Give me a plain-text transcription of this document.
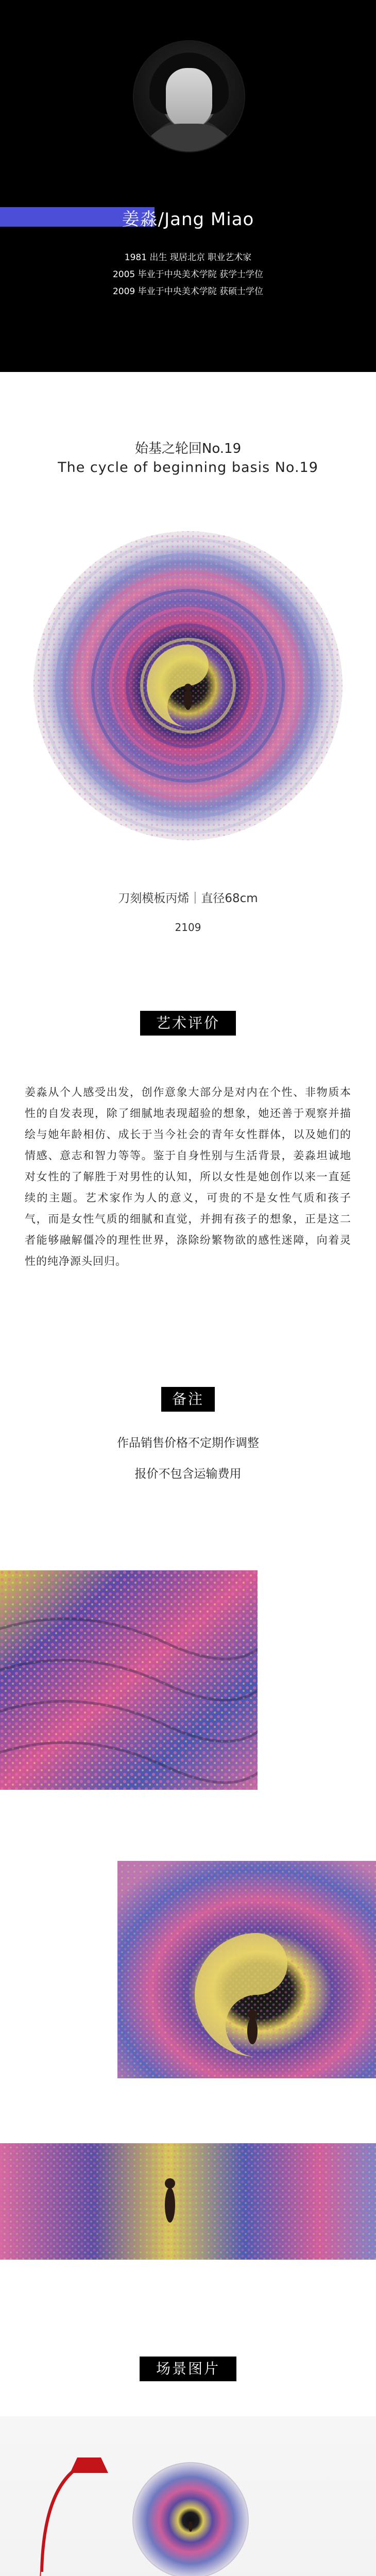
姜淼/Jang Miao
1981 出生 现居北京 职业艺术家
2005 毕业于中央美术学院 获学士学位
2009 毕业于中央美术学院 获硕士学位
始基之轮回No.19
The cycle of beginning basis No.19
刀刻模板丙烯｜直径68cm
2109
艺术评价
姜淼从个人感受出发，创作意象大部分是对内在个性、非物质本性的自发表现，除了细腻地表现超验的想象，她还善于观察并描绘与她年龄相仿、成长于当今社会的青年女性群体，以及她们的情感、意志和智力等等。鉴于自身性别与生活背景，姜淼坦诚地对女性的了解胜于对男性的认知，所以女性是她创作以来一直延续的主题。艺术家作为人的意义，可贵的不是女性气质和孩子气，而是女性气质的细腻和直觉，并拥有孩子的想象，正是这二者能够融解僵冷的理性世界，涤除纷繁物欲的感性迷障，向着灵性的纯净源头回归。
备注
作品销售价格不定期作调整
报价不包含运输费用
场景图片
